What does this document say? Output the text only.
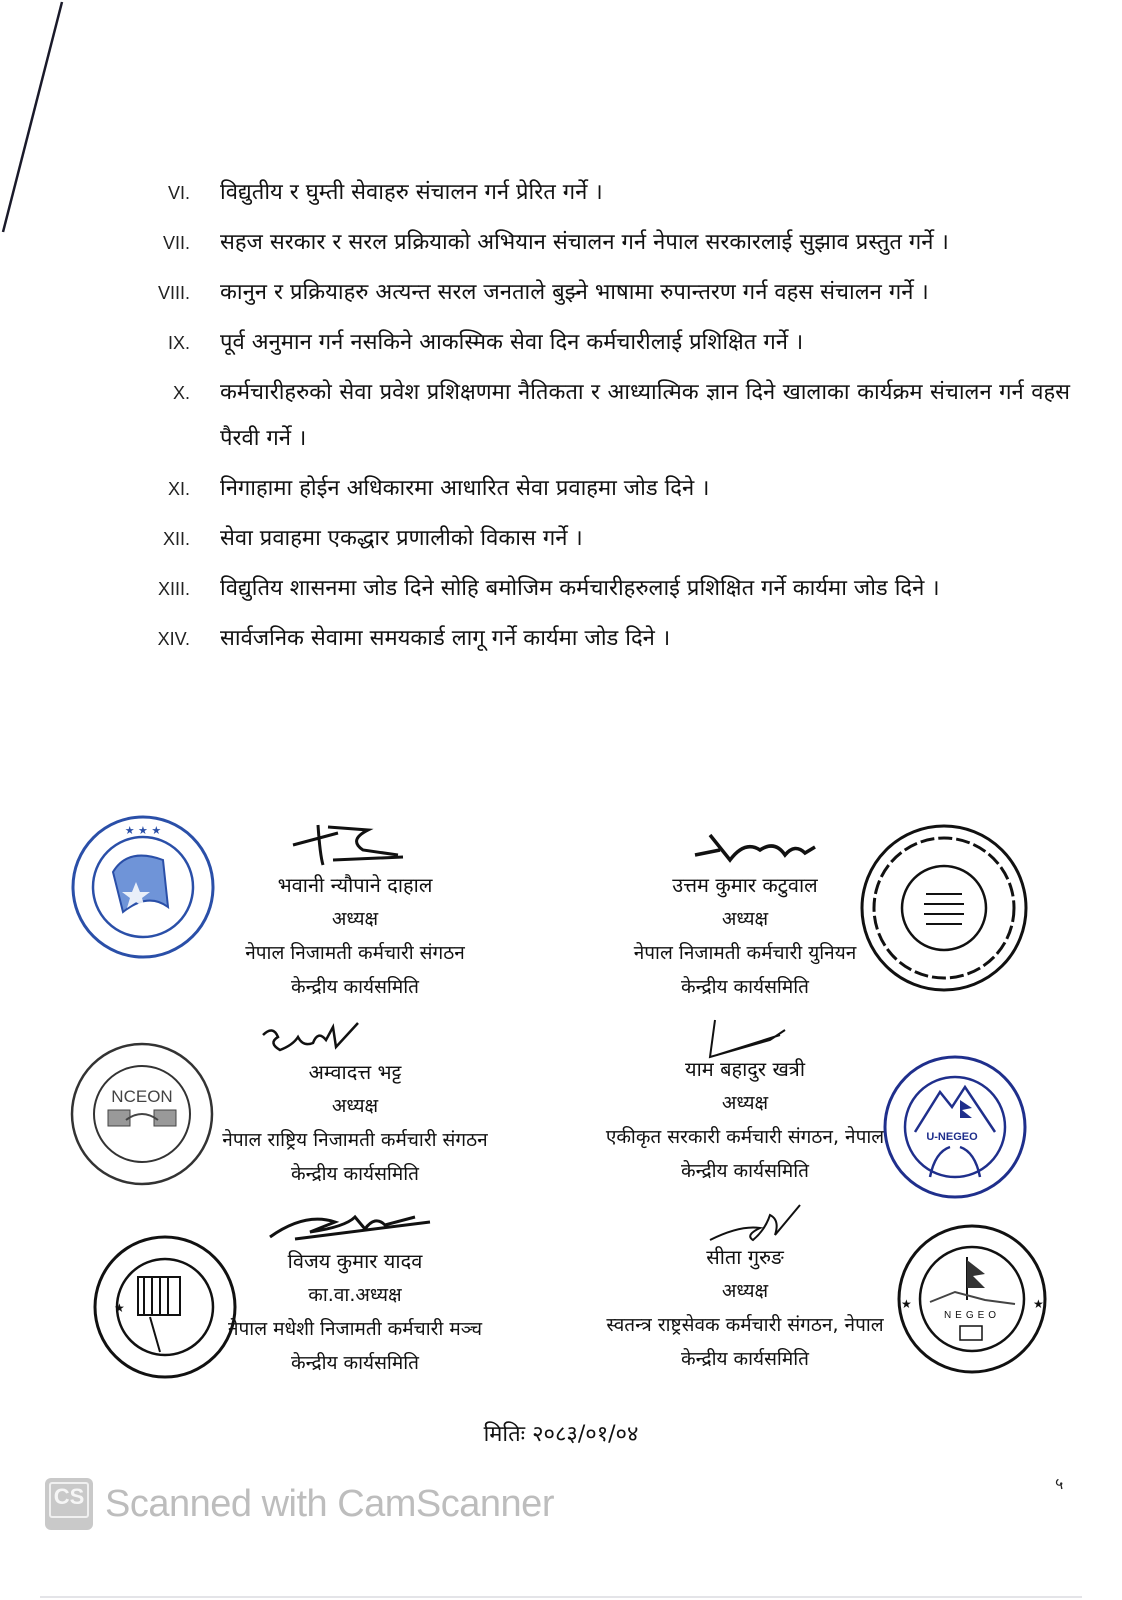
VI.	विद्युतीय र घुम्ती सेवाहरु संचालन गर्न प्रेरित गर्ने ।
VII.	सहज सरकार र सरल प्रक्रियाको अभियान संचालन गर्न नेपाल सरकारलाई सुझाव प्रस्तुत गर्ने ।
VIII.	कानुन र प्रक्रियाहरु अत्यन्त सरल जनताले बुझ्ने भाषामा रुपान्तरण गर्न वहस संचालन गर्ने ।
IX.	पूर्व अनुमान गर्न नसकिने आकस्मिक सेवा दिन कर्मचारीलाई प्रशिक्षित गर्ने ।
X.	कर्मचारीहरुको सेवा प्रवेश प्रशिक्षणमा नैतिकता र आध्यात्मिक ज्ञान दिने खालाका कार्यक्रम संचालन गर्न वहस पैरवी गर्ने ।
XI.	निगाहामा होईन अधिकारमा आधारित सेवा प्रवाहमा जोड दिने ।
XII.	सेवा प्रवाहमा एकद्धार प्रणालीको विकास गर्ने ।
XIII.	विद्युतिय शासनमा जोड दिने सोहि बमोजिम कर्मचारीहरुलाई प्रशिक्षित गर्ने कार्यमा जोड दिने ।
XIV.	सार्वजनिक सेवामा समयकार्ड लागू गर्ने कार्यमा जोड दिने ।
★ ★ ★
भवानी न्यौपाने दाहाल
अध्यक्ष
नेपाल निजामती कर्मचारी संगठन
केन्द्रीय कार्यसमिति
उत्तम कुमार कटुवाल
अध्यक्ष
नेपाल निजामती कर्मचारी युनियन
केन्द्रीय कार्यसमिति
NCEON
अम्वादत्त भट्ट
अध्यक्ष
नेपाल राष्ट्रिय निजामती कर्मचारी संगठन
केन्द्रीय कार्यसमिति
याम बहादुर खत्री
अध्यक्ष
एकीकृत सरकारी कर्मचारी संगठन, नेपाल
केन्द्रीय कार्यसमिति
U-NEGEO
★
विजय कुमार यादव
का.वा.अध्यक्ष
नेपाल मधेशी निजामती कर्मचारी मञ्च
केन्द्रीय कार्यसमिति
सीता गुरुङ
अध्यक्ष
स्वतन्त्र राष्ट्रसेवक कर्मचारी संगठन, नेपाल
केन्द्रीय कार्यसमिति
NEGEO
★	★
मितिः २०८३/०१/०४
५
CS Scanned with CamScanner
